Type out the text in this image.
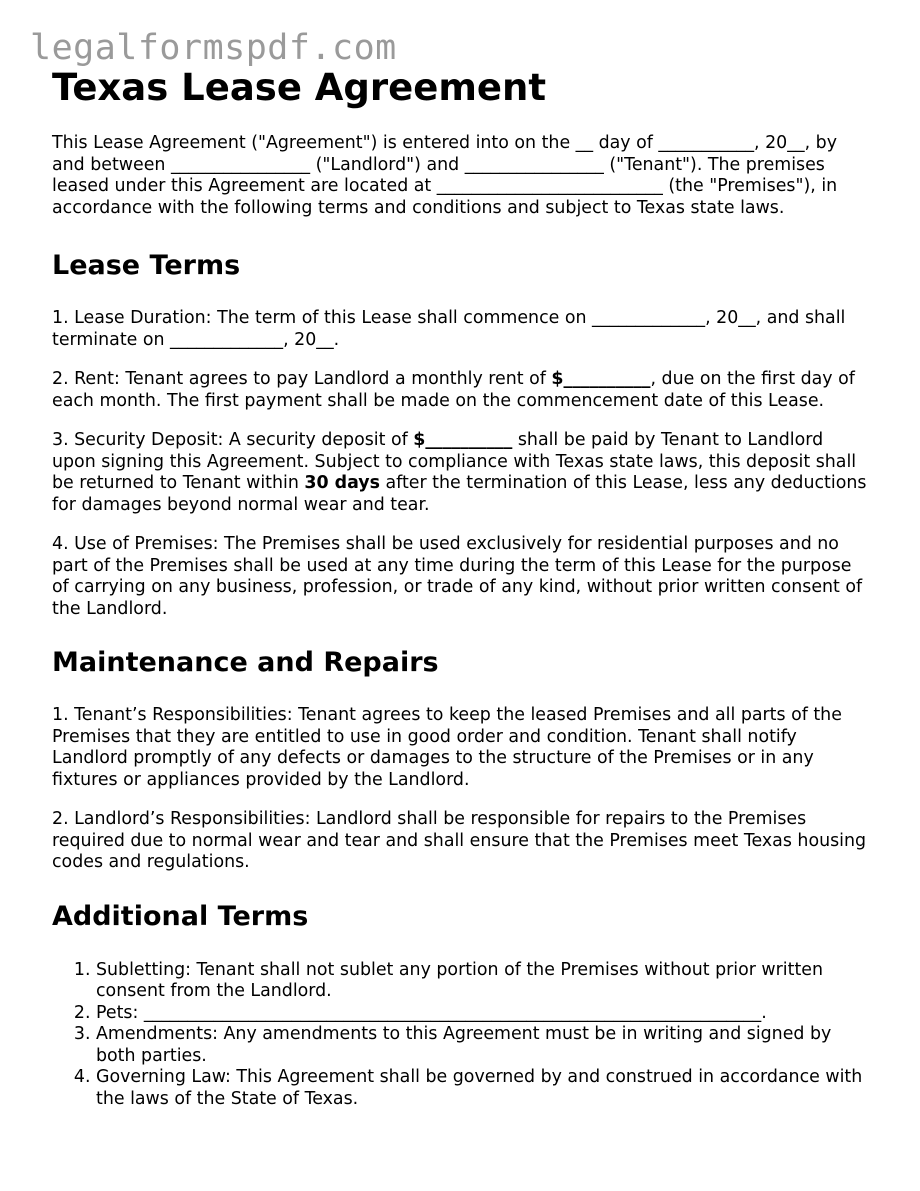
legalformspdf.com
Texas Lease Agreement

This Lease Agreement ("Agreement") is entered into on the __ day of ___________, 20__, by and between ________________ ("Landlord") and ________________ ("Tenant"). The premises leased under this Agreement are located at __________________________ (the "Premises"), in accordance with the following terms and conditions and subject to Texas state laws.

Lease Terms

1. Lease Duration: The term of this Lease shall commence on _____________, 20__, and shall terminate on _____________, 20__.

2. Rent: Tenant agrees to pay Landlord a monthly rent of $__________, due on the first day of each month. The first payment shall be made on the commencement date of this Lease.

3. Security Deposit: A security deposit of $__________ shall be paid by Tenant to Landlord upon signing this Agreement. Subject to compliance with Texas state laws, this deposit shall be returned to Tenant within 30 days after the termination of this Lease, less any deductions for damages beyond normal wear and tear.

4. Use of Premises: The Premises shall be used exclusively for residential purposes and no part of the Premises shall be used at any time during the term of this Lease for the purpose of carrying on any business, profession, or trade of any kind, without prior written consent of the Landlord.

Maintenance and Repairs

1. Tenant’s Responsibilities: Tenant agrees to keep the leased Premises and all parts of the Premises that they are entitled to use in good order and condition. Tenant shall notify Landlord promptly of any defects or damages to the structure of the Premises or in any fixtures or appliances provided by the Landlord.

2. Landlord’s Responsibilities: Landlord shall be responsible for repairs to the Premises required due to normal wear and tear and shall ensure that the Premises meet Texas housing codes and regulations.

Additional Terms
1. Subletting: Tenant shall not sublet any portion of the Premises without prior written consent from the Landlord.
2. Pets: _______________________________________________________________________.
3. Amendments: Any amendments to this Agreement must be in writing and signed by both parties.
4. Governing Law: This Agreement shall be governed by and construed in accordance with the laws of the State of Texas.
